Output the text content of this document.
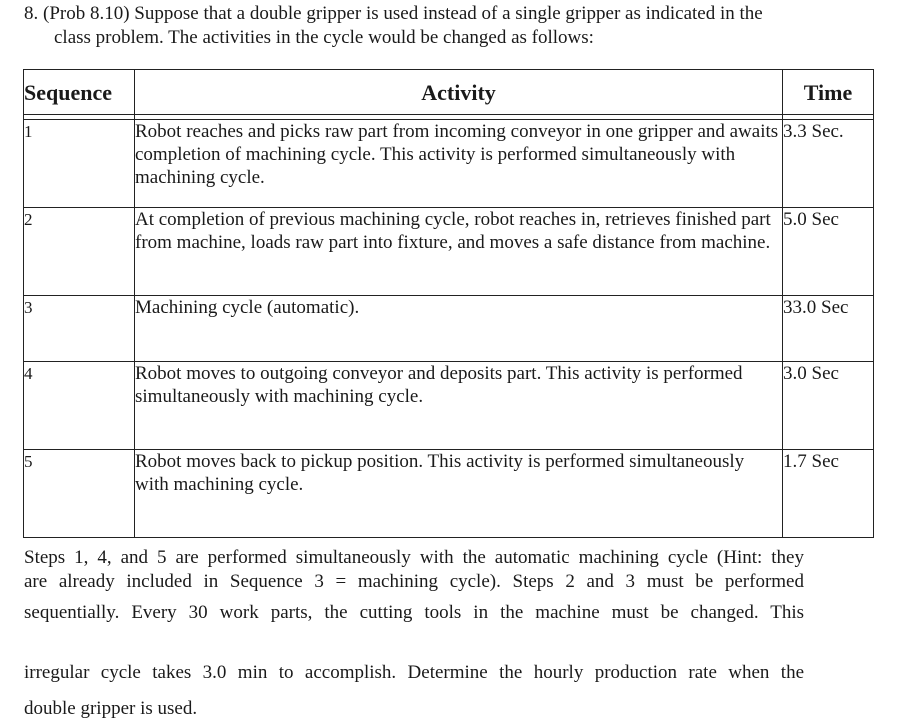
8. (Prob 8.10) Suppose that a double gripper is used instead of a single gripper as indicated in the
class problem. The activities in the cycle would be changed as follows:
Sequence	Activity	Time

1	Robot reaches and picks raw part from incoming conveyor in one gripper and awaits completion of machining cycle. This activity is performed simultaneously with machining cycle.	3.3 Sec.
2	At completion of previous machining cycle, robot reaches in, retrieves finished part from machine, loads raw part into fixture, and moves a safe distance from machine.	5.0 Sec
3	Machining cycle (automatic).	33.0 Sec
4	Robot moves to outgoing conveyor and deposits part. This activity is performed simultaneously with machining cycle.	3.0 Sec
5	Robot moves back to pickup position. This activity is performed simultaneously with machining cycle.	1.7 Sec
Steps 1, 4, and 5 are performed simultaneously with the automatic machining cycle (Hint: they
are already included in Sequence 3 = machining cycle). Steps 2 and 3 must be performed
sequentially. Every 30 work parts, the cutting tools in the machine must be changed. This
irregular cycle takes 3.0 min to accomplish. Determine the hourly production rate when the
double gripper is used.
